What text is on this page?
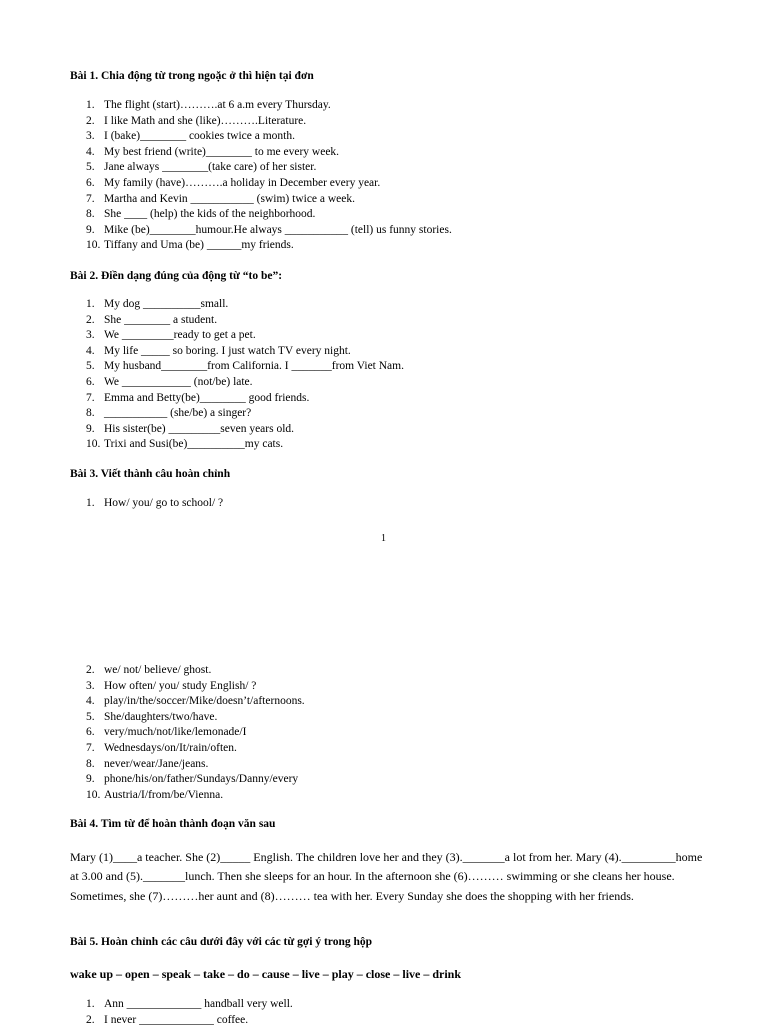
Bài 1. Chia động từ trong ngoặc ở thì hiện tại đơn
1. The flight (start)……….at 6 a.m every Thursday.
2. I like Math and she (like)……….Literature.
3. I (bake)________ cookies twice a month.
4. My best friend (write)________ to me every week.
5. Jane always ________(take care) of her sister.
6. My family (have)……….a holiday in December every year.
7. Martha and Kevin ___________ (swim) twice a week.
8. She ____ (help) the kids of the neighborhood.
9. Mike (be)________humour.He always ___________ (tell) us funny stories.
10. Tiffany and Uma (be) ______my friends.
Bài 2. Điền dạng đúng của động từ “to be”:
1. My dog __________small.
2. She ________ a student.
3. We _________ready to get a pet.
4. My life _____ so boring. I just watch TV every night.
5. My husband________from California. I _______from Viet Nam.
6. We ____________ (not/be) late.
7. Emma and Betty(be)________ good friends.
8. ___________ (she/be) a singer?
9. His sister(be) _________seven years old.
10. Trixi and Susi(be)__________my cats.
Bài 3. Viết thành câu hoàn chỉnh
1. How/ you/ go to school/ ?
1
2. we/ not/ believe/ ghost.
3. How often/ you/ study English/ ?
4. play/in/the/soccer/Mike/doesn’t/afternoons.
5. She/daughters/two/have.
6. very/much/not/like/lemonade/I
7. Wednesdays/on/It/rain/often.
8. never/wear/Jane/jeans.
9. phone/his/on/father/Sundays/Danny/every
10. Austria/I/from/be/Vienna.
Bài 4. Tìm từ để hoàn thành đoạn văn sau
Mary (1)____a teacher. She (2)_____ English. The children love her and they (3)._______a lot from her. Mary (4)._________home at 3.00 and (5)._______lunch. Then she sleeps for an hour. In the afternoon she (6)……… swimming or she cleans her house. Sometimes, she (7)………her aunt and (8)……… tea with her. Every Sunday she does the shopping with her friends.
Bài 5. Hoàn chỉnh các câu dưới đây với các từ gợi ý trong hộp
wake up – open – speak – take – do – cause – live – play – close – live – drink
1. Ann _____________ handball very well.
2. I never _____________ coffee.
